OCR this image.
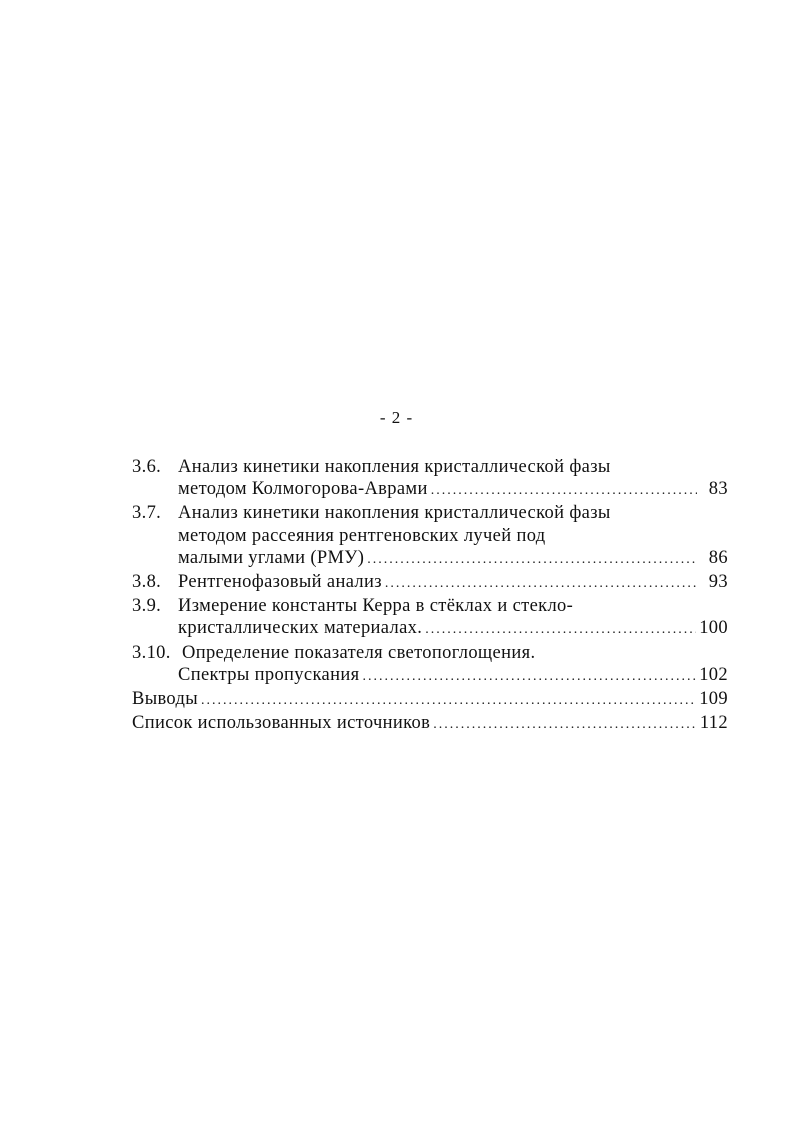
- 2 -
3.6. Анализ кинетики накопления кристаллической фазы
методом Колмогорова-Аврами .....	83
3.7. Анализ кинетики накопления кристаллической фазы
методом рассеяния рентгеновских лучей под
малыми углами (РМУ) .....	86
3.8. Рентгенофазовый анализ .....	93
3.9. Измерение константы Керра в стёклах и стекло-
кристаллических материалах. .....	100
3.10. Определение показателя светопоглощения.
Спектры пропускания .....	102
Выводы .....	109
Список использованных источников .....	112
